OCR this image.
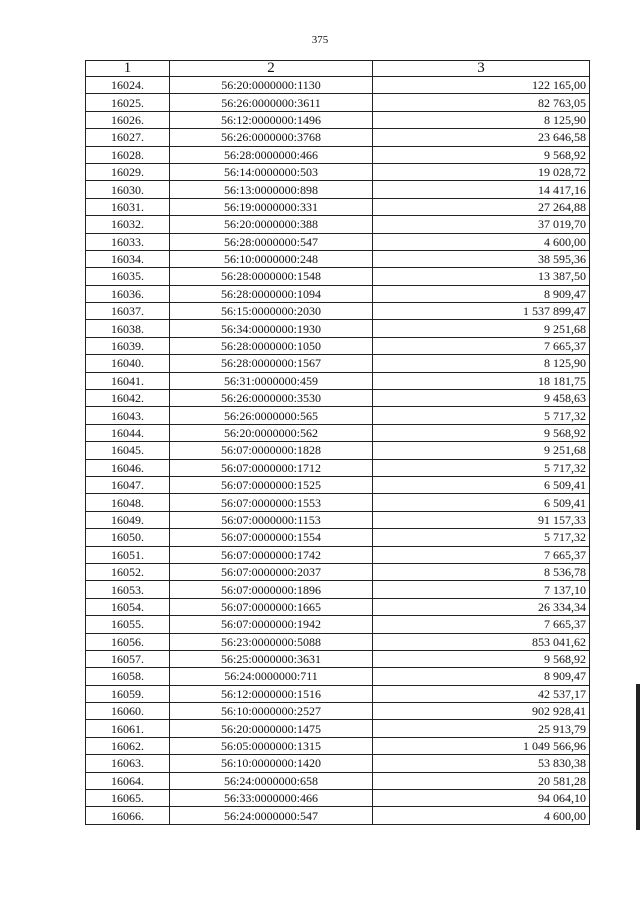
375
1	2	3
16024.	56:20:0000000:1130	122 165,00
16025.	56:26:0000000:3611	82 763,05
16026.	56:12:0000000:1496	8 125,90
16027.	56:26:0000000:3768	23 646,58
16028.	56:28:0000000:466	9 568,92
16029.	56:14:0000000:503	19 028,72
16030.	56:13:0000000:898	14 417,16
16031.	56:19:0000000:331	27 264,88
16032.	56:20:0000000:388	37 019,70
16033.	56:28:0000000:547	4 600,00
16034.	56:10:0000000:248	38 595,36
16035.	56:28:0000000:1548	13 387,50
16036.	56:28:0000000:1094	8 909,47
16037.	56:15:0000000:2030	1 537 899,47
16038.	56:34:0000000:1930	9 251,68
16039.	56:28:0000000:1050	7 665,37
16040.	56:28:0000000:1567	8 125,90
16041.	56:31:0000000:459	18 181,75
16042.	56:26:0000000:3530	9 458,63
16043.	56:26:0000000:565	5 717,32
16044.	56:20:0000000:562	9 568,92
16045.	56:07:0000000:1828	9 251,68
16046.	56:07:0000000:1712	5 717,32
16047.	56:07:0000000:1525	6 509,41
16048.	56:07:0000000:1553	6 509,41
16049.	56:07:0000000:1153	91 157,33
16050.	56:07:0000000:1554	5 717,32
16051.	56:07:0000000:1742	7 665,37
16052.	56:07:0000000:2037	8 536,78
16053.	56:07:0000000:1896	7 137,10
16054.	56:07:0000000:1665	26 334,34
16055.	56:07:0000000:1942	7 665,37
16056.	56:23:0000000:5088	853 041,62
16057.	56:25:0000000:3631	9 568,92
16058.	56:24:0000000:711	8 909,47
16059.	56:12:0000000:1516	42 537,17
16060.	56:10:0000000:2527	902 928,41
16061.	56:20:0000000:1475	25 913,79
16062.	56:05:0000000:1315	1 049 566,96
16063.	56:10:0000000:1420	53 830,38
16064.	56:24:0000000:658	20 581,28
16065.	56:33:0000000:466	94 064,10
16066.	56:24:0000000:547	4 600,00
